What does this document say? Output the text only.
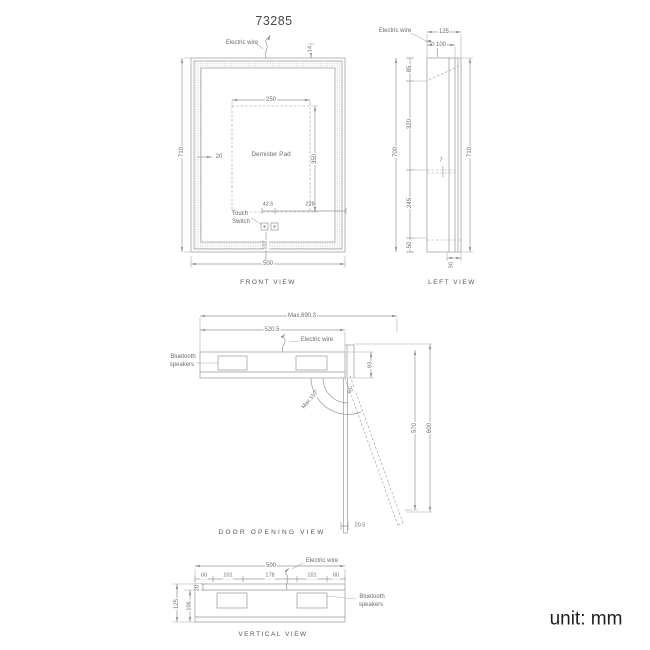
73285
Electric wire
14
710	20
250
Demister Pad	350
Touch
Switch
42.5	228
102
500
FRONT VIEW
Electric wire	125
100
85
320
245
50
700	710
7
50
LEFT VIEW
Max.690.3
520.5
Electric wire
Bluetooth
speakers	93
90°
Max.110°
570 600
20.5
DOOR OPENING VIEW
500
Electric wire
60	101	178	101	60
20
106
125
Bluetooth
speakers
VERTICAL VIEW
unit: mm
